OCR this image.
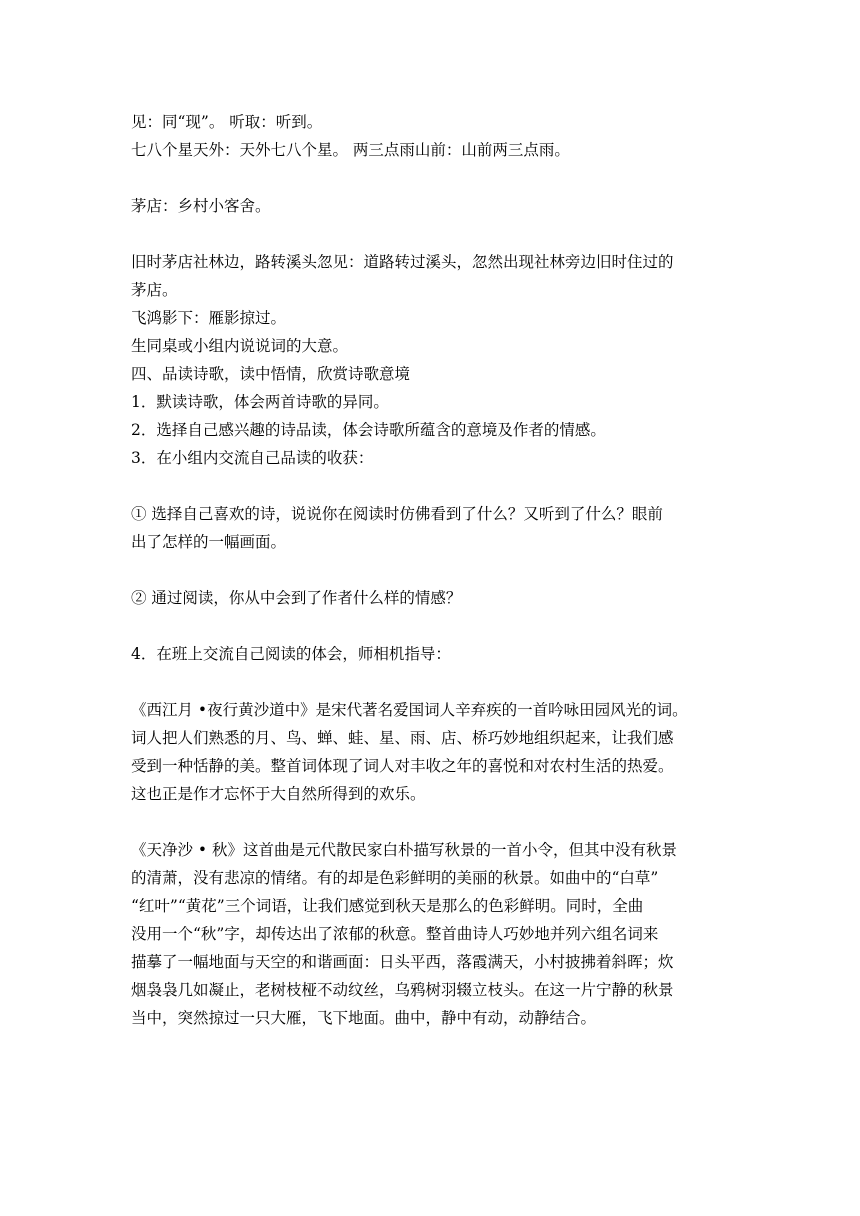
见：同“现”。 听取：听到。
七八个星天外：天外七八个星。 两三点雨山前：山前两三点雨。
茅店：乡村小客舍。
旧时茅店社林边，路转溪头忽见：道路转过溪头，忽然出现社林旁边旧时住过的
茅店。
飞鸿影下：雁影掠过。
生同桌或小组内说说词的大意。
四、品读诗歌，读中悟情，欣赏诗歌意境
1．默读诗歌，体会两首诗歌的异同。
2．选择自己感兴趣的诗品读，体会诗歌所蕴含的意境及作者的情感。
3．在小组内交流自己品读的收获：
① 选择自己喜欢的诗，说说你在阅读时仿佛看到了什么？又听到了什么？眼前
出了怎样的一幅画面。
② 通过阅读，你从中会到了作者什么样的情感？
4．在班上交流自己阅读的体会，师相机指导：
《西江月 •夜行黄沙道中》是宋代著名爱国词人辛弃疾的一首吟咏田园风光的词。
词人把人们熟悉的月、鸟、蝉、蛙、星、雨、店、桥巧妙地组织起来，让我们感
受到一种恬静的美。整首词体现了词人对丰收之年的喜悦和对农村生活的热爱。
这也正是作才忘怀于大自然所得到的欢乐。
《天净沙 • 秋》这首曲是元代散民家白朴描写秋景的一首小令，但其中没有秋景
的清萧，没有悲凉的情绪。有的却是色彩鲜明的美丽的秋景。如曲中的“白草”
“红叶”“黄花”三个词语，让我们感觉到秋天是那么的色彩鲜明。同时，全曲
没用一个“秋”字，却传达出了浓郁的秋意。整首曲诗人巧妙地并列六组名词来
描摹了一幅地面与天空的和谐画面：日头平西，落霞满天，小村披拂着斜晖；炊
烟袅袅几如凝止，老树枝桠不动纹丝，乌鸦树羽辍立枝头。在这一片宁静的秋景
当中，突然掠过一只大雁，飞下地面。曲中，静中有动，动静结合。
